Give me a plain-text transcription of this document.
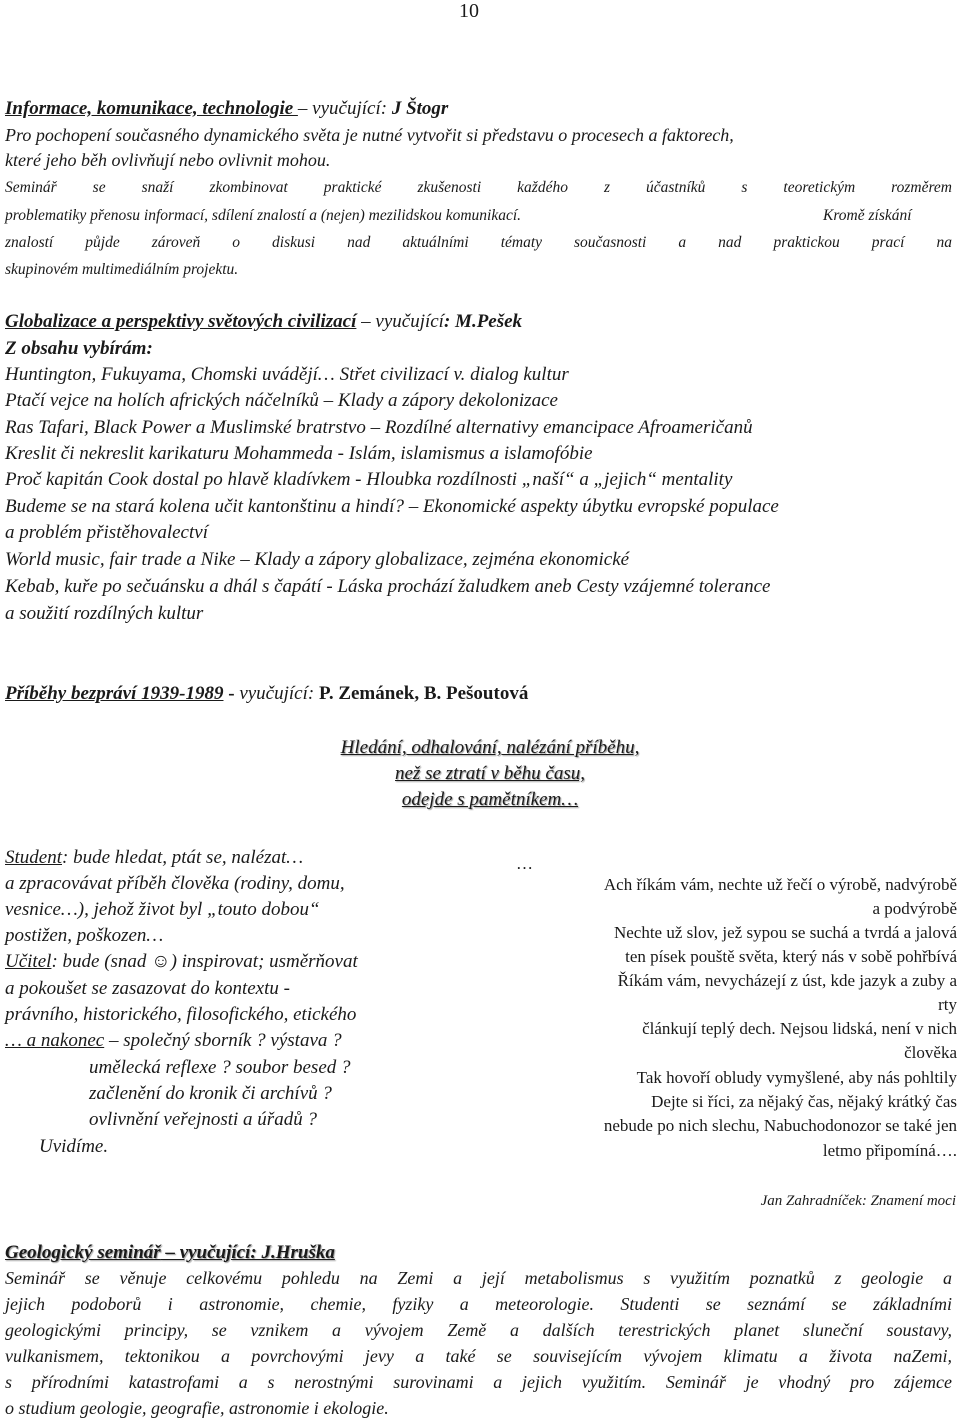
10
Informace, komunikace, technologie – vyučující: J Štogr
Pro pochopení současného dynamického světa je nutné vytvořit si představu o procesech a faktorech,
které jeho běh ovlivňují nebo ovlivnit mohou.
Seminář se snaží zkombinovat praktické zkušenosti každého z účastníků s teoretickým rozměrem
problematiky přenosu informací, sdílení znalostí a (nejen) mezilidskou komunikací.	Kromě získání
znalostí půjde zároveň o diskusi nad aktuálními tématy současnosti a nad praktickou prací na
skupinovém multimediálním projektu.
Globalizace a perspektivy světových civilizací – vyučující: M.Pešek
Z obsahu vybírám:
Huntington, Fukuyama, Chomski uvádějí… Střet civilizací v. dialog kultur
Ptačí vejce na holích afrických náčelníků – Klady a zápory dekolonizace
Ras Tafari, Black Power a Muslimské bratrstvo – Rozdílné alternativy emancipace Afroameričanů
Kreslit či nekreslit karikaturu Mohammeda - Islám, islamismus a islamofóbie
Proč kapitán Cook dostal po hlavě kladívkem - Hloubka rozdílnosti „naší“ a „jejich“ mentality
Budeme se na stará kolena učit kantonštinu a hindí? – Ekonomické aspekty úbytku evropské populace
a problém přistěhovalectví
World music, fair trade a Nike – Klady a zápory globalizace, zejména ekonomické
Kebab, kuře po sečuánsku a dhál s čapátí - Láska prochází žaludkem aneb Cesty vzájemné tolerance
a soužití rozdílných kultur
Příběhy bezpráví 1939-1989 - vyučující: P. Zemánek, B. Pešoutová
Hledání, odhalování, nalézání příběhu,
než se ztratí v běhu času,
odejde s pamětníkem…
Student: bude hledat, ptát se, nalézat…
a zpracovávat příběh člověka (rodiny, domu,
vesnice…), jehož život byl „touto dobou“
postižen, poškozen…
Učitel: bude (snad ☺) inspirovat; usměrňovat
a pokoušet se zasazovat do kontextu -
právního, historického, filosofického, etického
… a nakonec – společný sborník ? výstava ?
umělecká reflexe ? soubor besed ?
začlenění do kronik či archívů ?
ovlivnění veřejnosti a úřadů ?
Uvidíme.
…
Ach říkám vám, nechte už řečí o výrobě, nadvýrobě
a podvýrobě
Nechte už slov, jež sypou se suchá a tvrdá a jalová
ten písek pouště světa, který nás v sobě pohřbívá
Říkám vám, nevycházejí z úst, kde jazyk a zuby a
rty
článkují teplý dech. Nejsou lidská, není v nich
člověka
Tak hovoří obludy vymyšlené, aby nás pohltily
Dejte si říci, za nějaký čas, nějaký krátký čas
nebude po nich slechu, Nabuchodonozor se také jen
letmo připomíná….
Jan Zahradníček: Znamení moci
Geologický seminář – vyučující: J.Hruška
Seminář se věnuje celkovému pohledu na Zemi a její metabolismus s využitím poznatků z geologie a
jejich podoborů i astronomie, chemie, fyziky a meteorologie. Studenti se seznámí se základními
geologickými principy, se vznikem a vývojem Země a dalších terestrických planet sluneční soustavy,
vulkanismem, tektonikou a povrchovými jevy a také se souvisejícím vývojem klimatu a života naZemi,
s přírodními katastrofami a s nerostnými surovinami a jejich využitím. Seminář je vhodný pro zájemce
o studium geologie, geografie, astronomie i ekologie.
